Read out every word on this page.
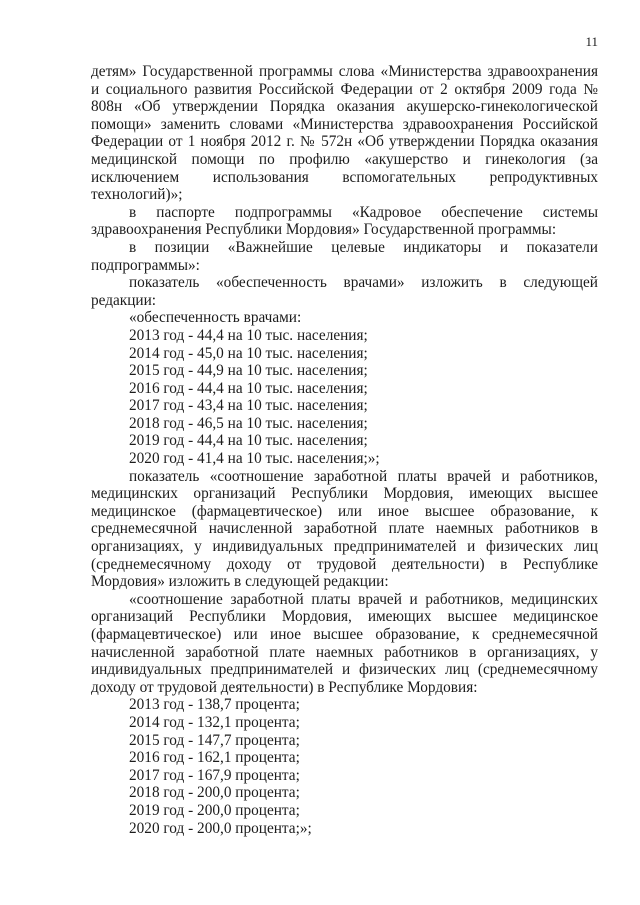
11

детям» Государственной программы слова «Министерства здравоохранения и социального развития Российской Федерации от 2 октября 2009 года № 808н «Об утверждении Порядка оказания акушерско-гинекологической помощи» заменить словами «Министерства здравоохранения Российской Федерации от 1 ноября 2012 г. № 572н «Об утверждении Порядка оказания медицинской помощи по профилю «акушерство и гинекология (за исключением использования вспомогательных репродуктивных технологий)»;

в паспорте подпрограммы «Кадровое обеспечение системы здравоохранения Республики Мордовия» Государственной программы:

в позиции «Важнейшие целевые индикаторы и показатели подпрограммы»:

показатель «обеспеченность врачами» изложить в следующей редакции:

«обеспеченность врачами:

2013 год - 44,4 на 10 тыс. населения;

2014 год - 45,0 на 10 тыс. населения;

2015 год - 44,9 на 10 тыс. населения;

2016 год - 44,4 на 10 тыс. населения;

2017 год - 43,4 на 10 тыс. населения;

2018 год - 46,5 на 10 тыс. населения;

2019 год - 44,4 на 10 тыс. населения;

2020 год - 41,4 на 10 тыс. населения;»;

показатель «соотношение заработной платы врачей и работников, медицинских организаций Республики Мордовия, имеющих высшее медицинское (фармацевтическое) или иное высшее образование, к среднемесячной начисленной заработной плате наемных работников в организациях, у индивидуальных предпринимателей и физических лиц (среднемесячному доходу от трудовой деятельности) в Республике Мордовия» изложить в следующей редакции:

«соотношение заработной платы врачей и работников, медицинских организаций Республики Мордовия, имеющих высшее медицинское (фармацевтическое) или иное высшее образование, к среднемесячной начисленной заработной плате наемных работников в организациях, у индивидуальных предпринимателей и физических лиц (среднемесячному доходу от трудовой деятельности) в Республике Мордовия:

2013 год - 138,7 процента;

2014 год - 132,1 процента;

2015 год - 147,7 процента;

2016 год - 162,1 процента;

2017 год - 167,9 процента;

2018 год - 200,0 процента;

2019 год - 200,0 процента;

2020 год - 200,0 процента;»;
